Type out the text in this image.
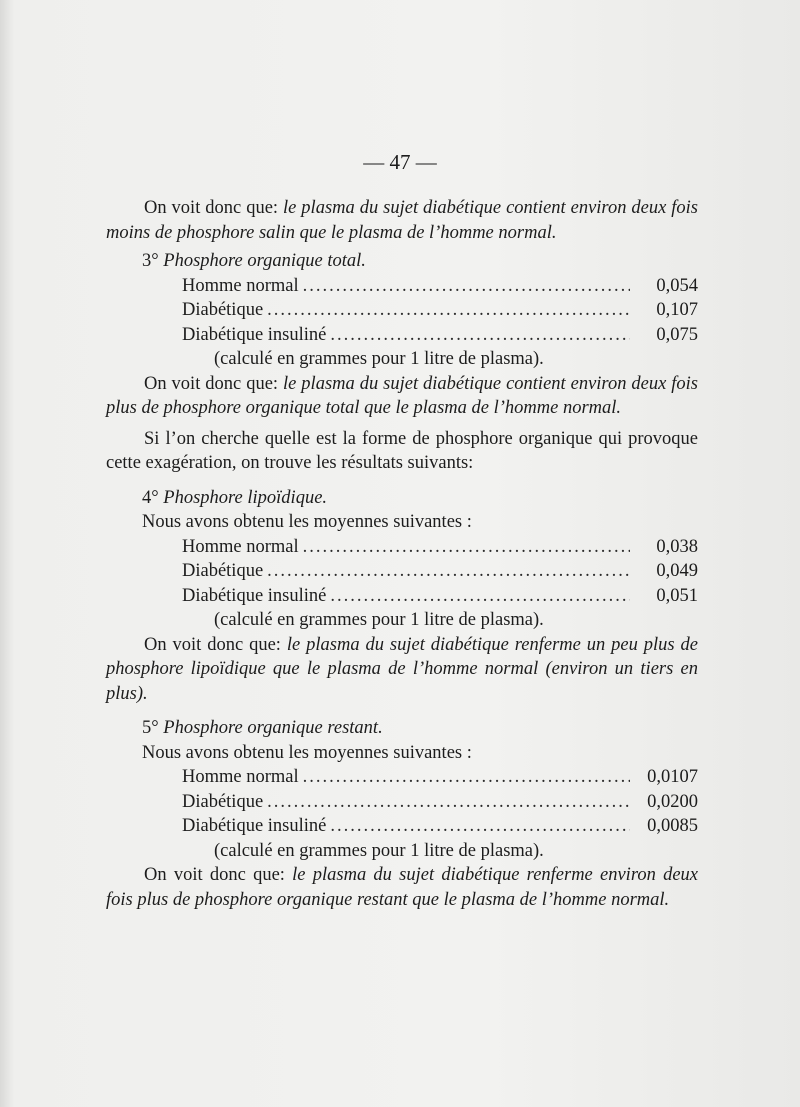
— 47 —

On voit donc que: le plasma du sujet diabétique contient environ deux fois moins de phosphore salin que le plasma de l’homme normal.

3° Phosphore organique total.

Homme normal .....	0,054
Diabétique .....	0,107
Diabétique insuliné .....	0,075

(calculé en grammes pour 1 litre de plasma).

On voit donc que: le plasma du sujet diabétique contient environ deux fois plus de phosphore organique total que le plasma de l’homme normal.

Si l’on cherche quelle est la forme de phosphore organique qui provoque cette exagération, on trouve les résultats suivants:

4° Phosphore lipoïdique.

Nous avons obtenu les moyennes suivantes :

Homme normal .....	0,038
Diabétique .....	0,049
Diabétique insuliné .....	0,051

(calculé en grammes pour 1 litre de plasma).

On voit donc que: le plasma du sujet diabétique renferme un peu plus de phosphore lipoïdique que le plasma de l’homme normal (environ un tiers en plus).

5° Phosphore organique restant.

Nous avons obtenu les moyennes suivantes :

Homme normal .....	0,0107
Diabétique .....	0,0200
Diabétique insuliné .....	0,0085

(calculé en grammes pour 1 litre de plasma).

On voit donc que: le plasma du sujet diabétique renferme environ deux fois plus de phosphore organique restant que le plasma de l’homme normal.
